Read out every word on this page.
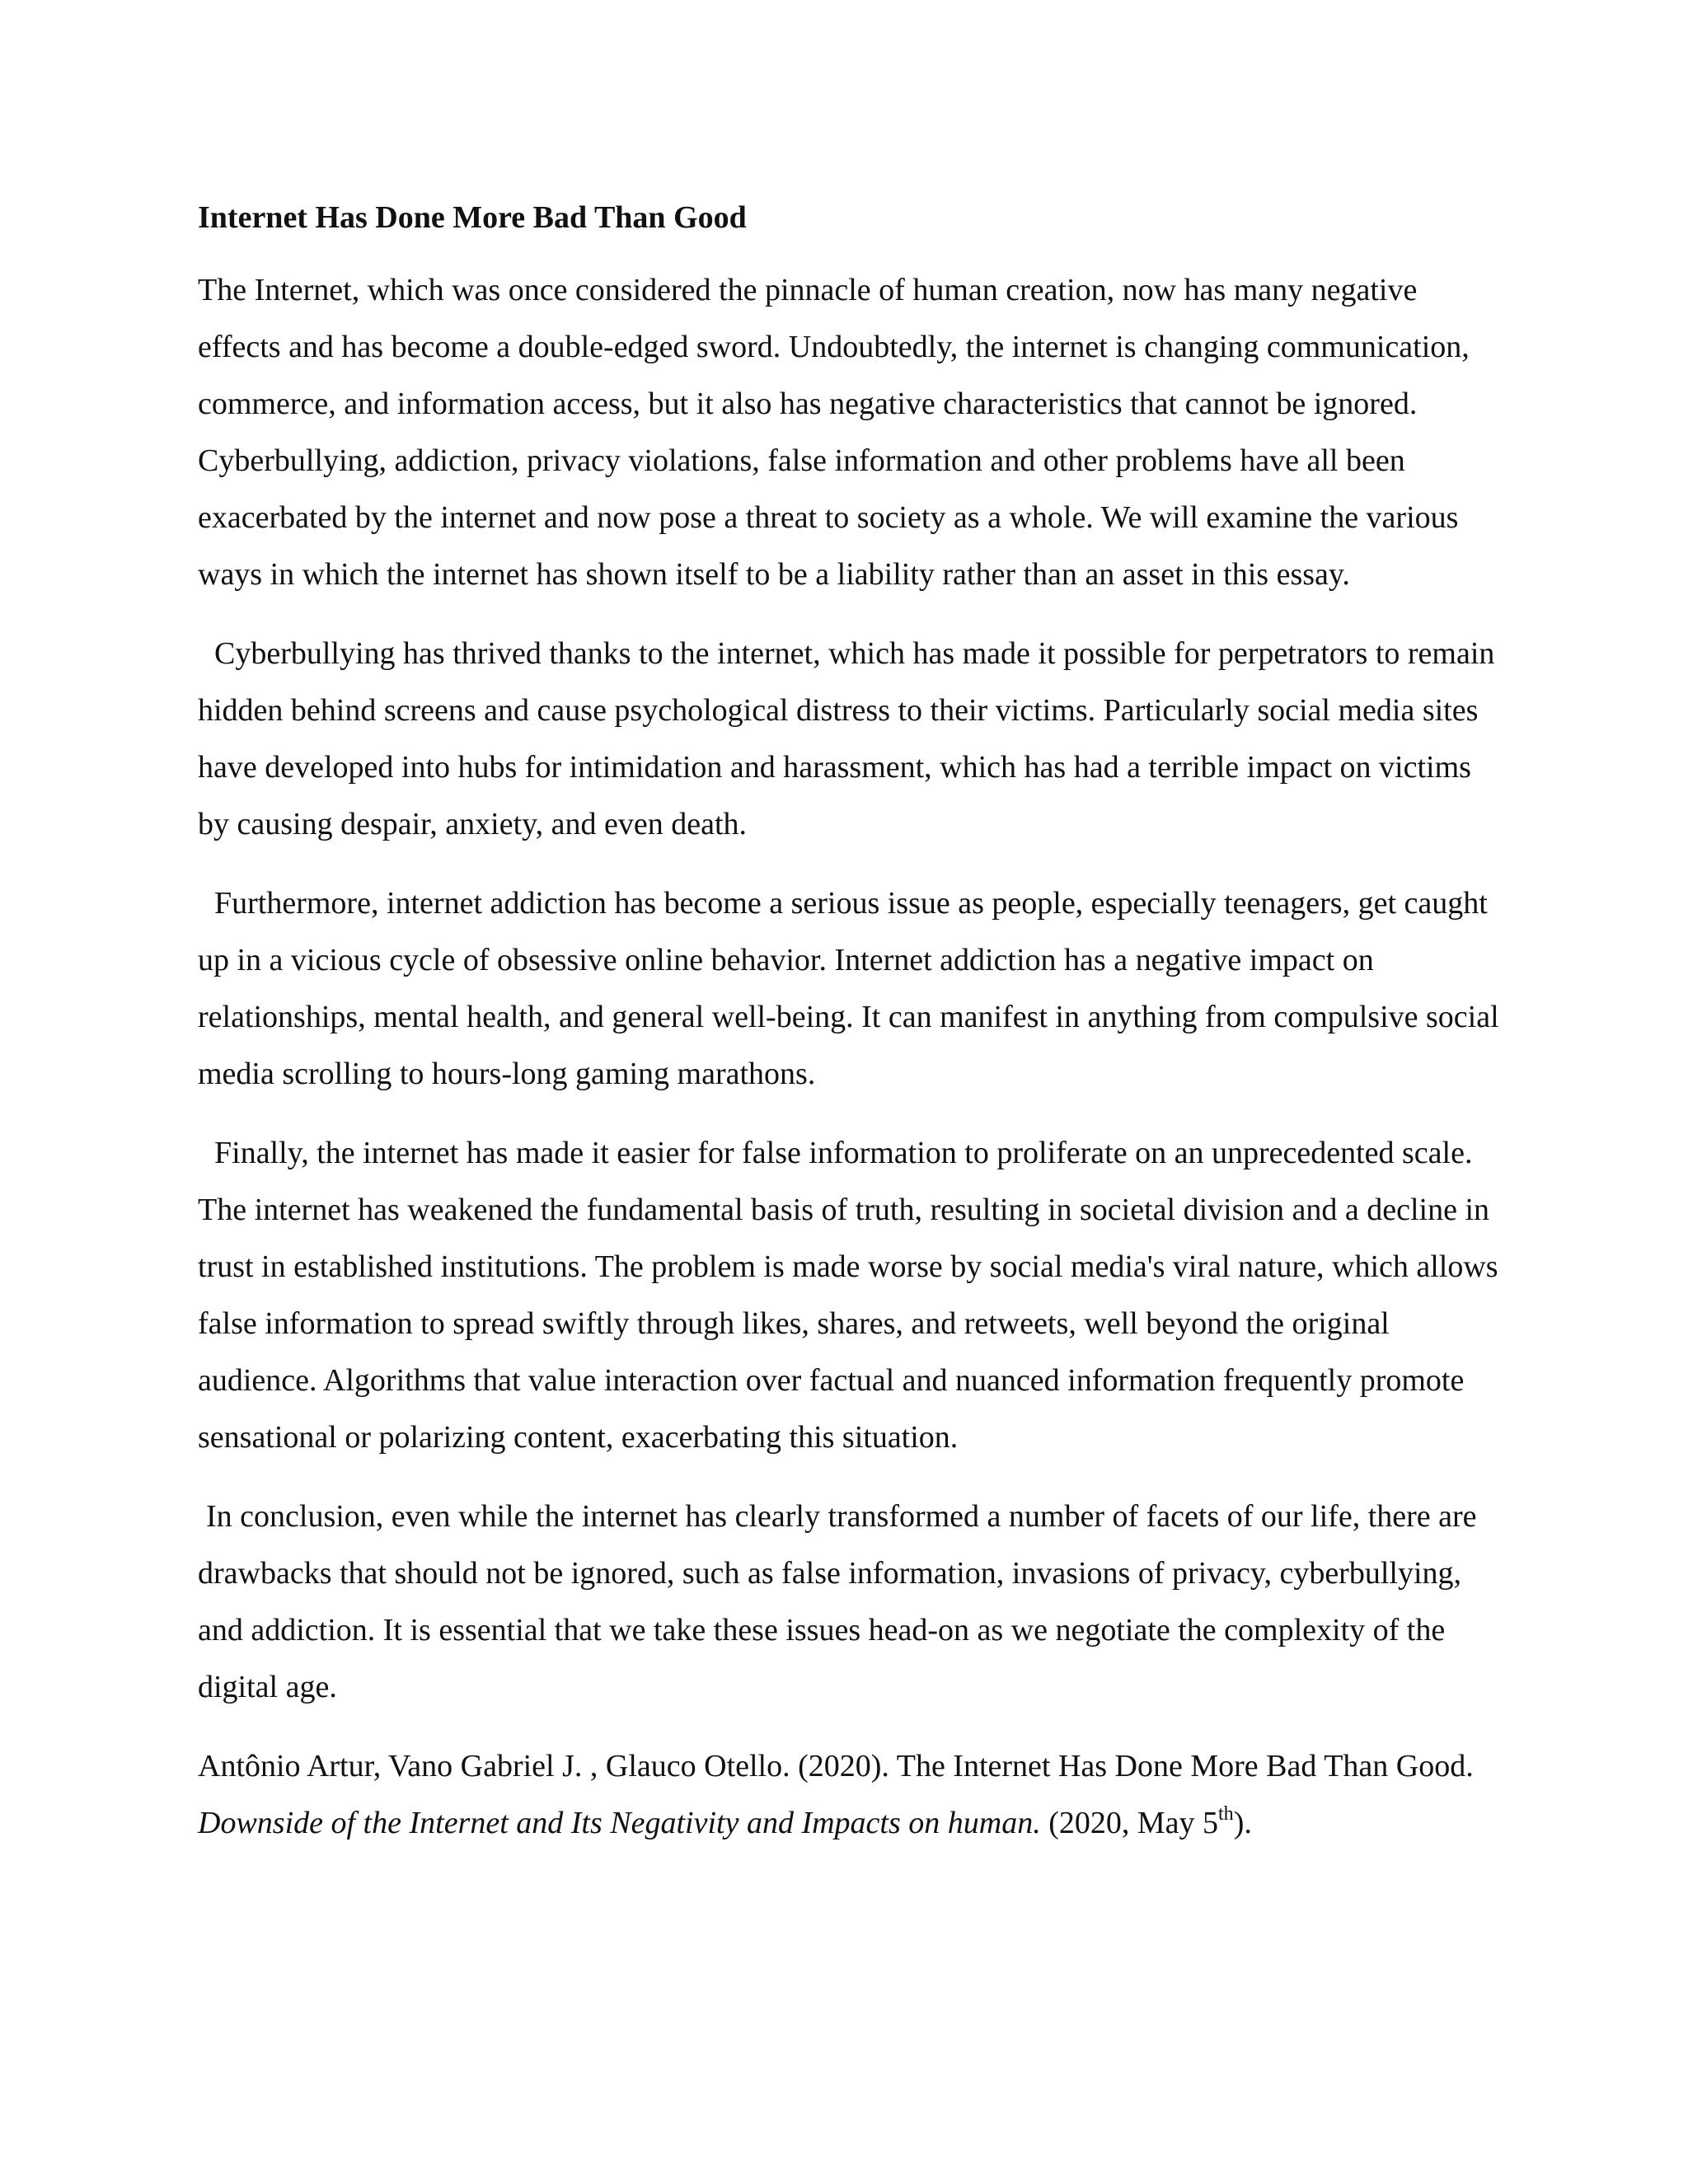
Internet Has Done More Bad Than Good

The Internet, which was once considered the pinnacle of human creation, now has many negative effects and has become a double-edged sword. Undoubtedly, the internet is changing communication, commerce, and information access, but it also has negative characteristics that cannot be ignored. Cyberbullying, addiction, privacy violations, false information and other problems have all been exacerbated by the internet and now pose a threat to society as a whole. We will examine the various ways in which the internet has shown itself to be a liability rather than an asset in this essay.

Cyberbullying has thrived thanks to the internet, which has made it possible for perpetrators to remain hidden behind screens and cause psychological distress to their victims. Particularly social media sites have developed into hubs for intimidation and harassment, which has had a terrible impact on victims by causing despair, anxiety, and even death.

Furthermore, internet addiction has become a serious issue as people, especially teenagers, get caught up in a vicious cycle of obsessive online behavior. Internet addiction has a negative impact on relationships, mental health, and general well-being. It can manifest in anything from compulsive social media scrolling to hours-long gaming marathons.

Finally, the internet has made it easier for false information to proliferate on an unprecedented scale. The internet has weakened the fundamental basis of truth, resulting in societal division and a decline in trust in established institutions. The problem is made worse by social media's viral nature, which allows false information to spread swiftly through likes, shares, and retweets, well beyond the original audience. Algorithms that value interaction over factual and nuanced information frequently promote sensational or polarizing content, exacerbating this situation.

In conclusion, even while the internet has clearly transformed a number of facets of our life, there are drawbacks that should not be ignored, such as false information, invasions of privacy, cyberbullying, and addiction. It is essential that we take these issues head-on as we negotiate the complexity of the digital age.

Antônio Artur, Vano Gabriel J. , Glauco Otello. (2020). The Internet Has Done More Bad Than Good. Downside of the Internet and Its Negativity and Impacts on human. (2020, May 5th).
